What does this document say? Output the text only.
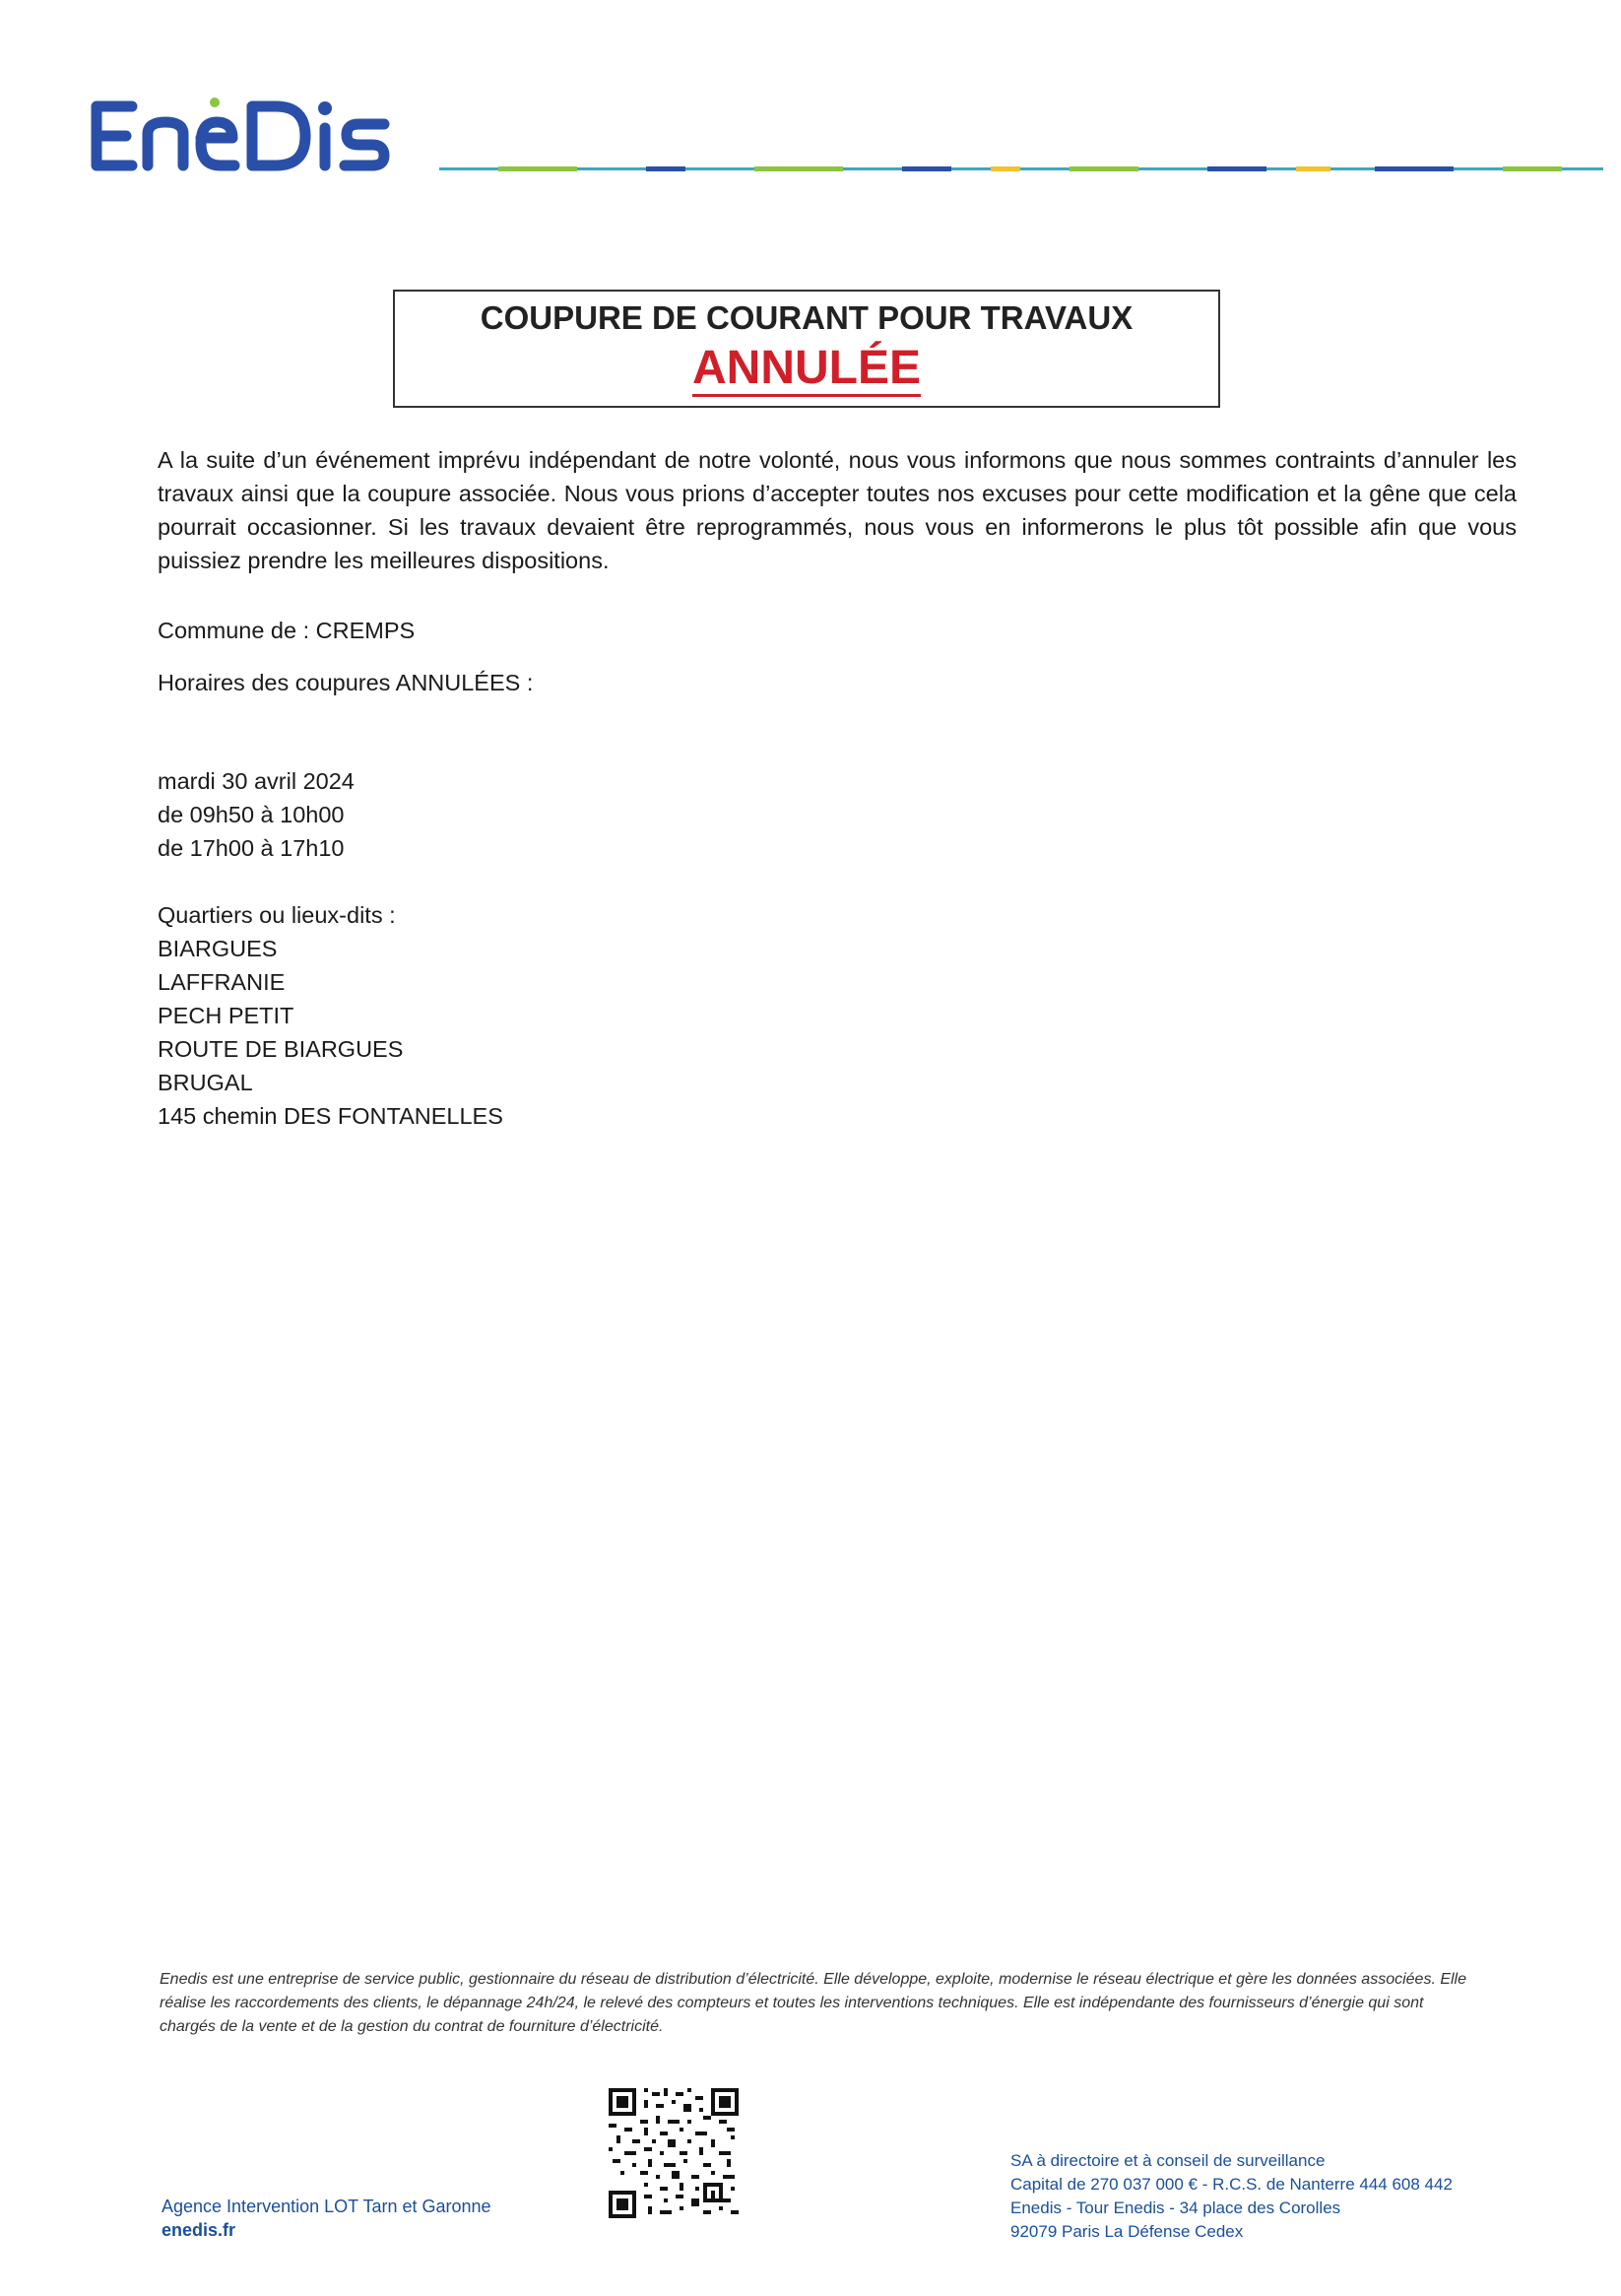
COUPURE DE COURANT POUR TRAVAUX
ANNULÉE
A la suite d’un événement imprévu indépendant de notre volonté, nous vous informons que nous sommes contraints d’annuler les travaux ainsi que la coupure associée. Nous vous prions d’accepter toutes nos excuses pour cette modification et la gêne que cela pourrait occasionner. Si les travaux devaient être reprogrammés, nous vous en informerons le plus tôt possible afin que vous puissiez prendre les meilleures dispositions.
Commune de : CREMPS
Horaires des coupures ANNULÉES :
mardi 30 avril 2024
de 09h50 à 10h00
de 17h00 à 17h10
Quartiers ou lieux-dits :
BIARGUES
LAFFRANIE
PECH PETIT
ROUTE DE BIARGUES
BRUGAL
145 chemin DES FONTANELLES
Enedis est une entreprise de service public, gestionnaire du réseau de distribution d’électricité. Elle développe, exploite, modernise le réseau électrique et gère les données associées. Elle réalise les raccordements des clients, le dépannage 24h/24, le relevé des compteurs et toutes les interventions techniques. Elle est indépendante des fournisseurs d’énergie qui sont chargés de la vente et de la gestion du contrat de fourniture d’électricité.
Agence Intervention LOT Tarn et Garonne
enedis.fr
SA à directoire et à conseil de surveillance
Capital de 270 037 000 € - R.C.S. de Nanterre 444 608 442
Enedis - Tour Enedis - 34 place des Corolles
92079 Paris La Défense Cedex
